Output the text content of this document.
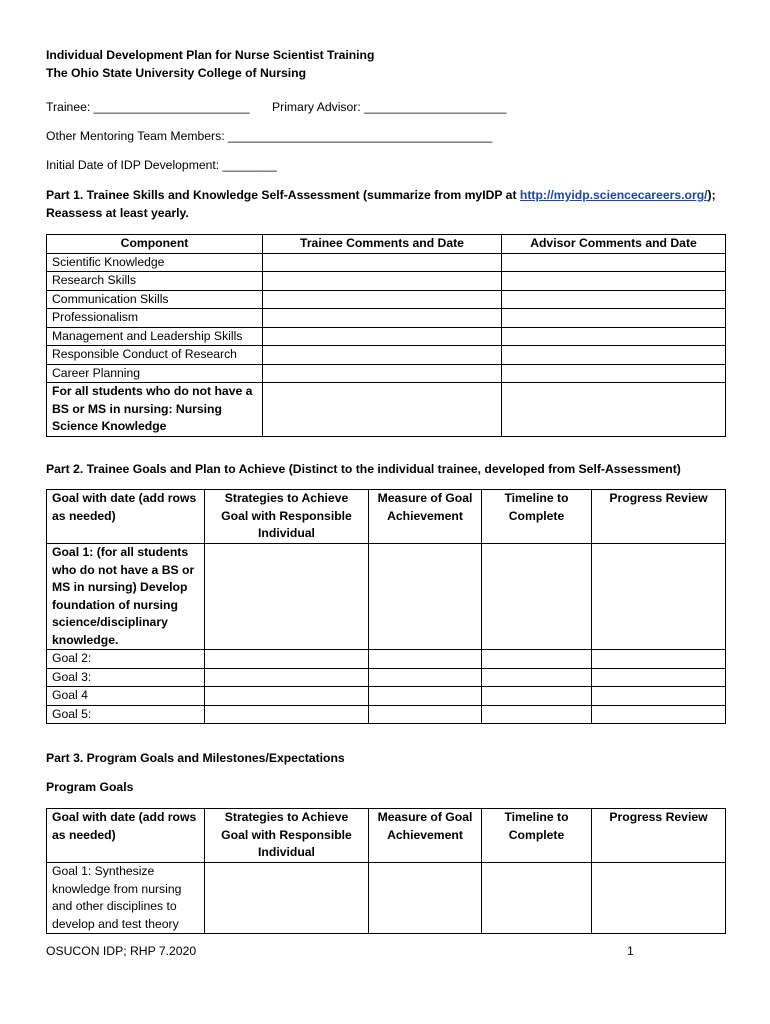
Individual Development Plan for Nurse Scientist Training
The Ohio State University College of Nursing
Trainee: _______________________ Primary Advisor: _____________________
Other Mentoring Team Members: _______________________________________
Initial Date of IDP Development: ________
Part 1. Trainee Skills and Knowledge Self-Assessment (summarize from myIDP at http://myidp.sciencecareers.org/);
Reassess at least yearly.
Component	Trainee Comments and Date	Advisor Comments and Date
Scientific Knowledge		
Research Skills		
Communication Skills		
Professionalism		
Management and Leadership Skills		
Responsible Conduct of Research		
Career Planning		
For all students who do not have a BS or MS in nursing: Nursing Science Knowledge		
Part 2. Trainee Goals and Plan to Achieve (Distinct to the individual trainee, developed from Self-Assessment)
Goal with date (add rows as needed)	Strategies to Achieve Goal with Responsible Individual	Measure of Goal Achievement	Timeline to Complete	Progress Review
Goal 1: (for all students who do not have a BS or MS in nursing) Develop foundation of nursing science/disciplinary knowledge.				
Goal 2:				
Goal 3:				
Goal 4				
Goal 5:				
Part 3. Program Goals and Milestones/Expectations
Program Goals
Goal with date (add rows as needed)	Strategies to Achieve Goal with Responsible Individual	Measure of Goal Achievement	Timeline to Complete	Progress Review
Goal 1: Synthesize knowledge from nursing and other disciplines to develop and test theory				
OSUCON IDP; RHP 7.2020	1
